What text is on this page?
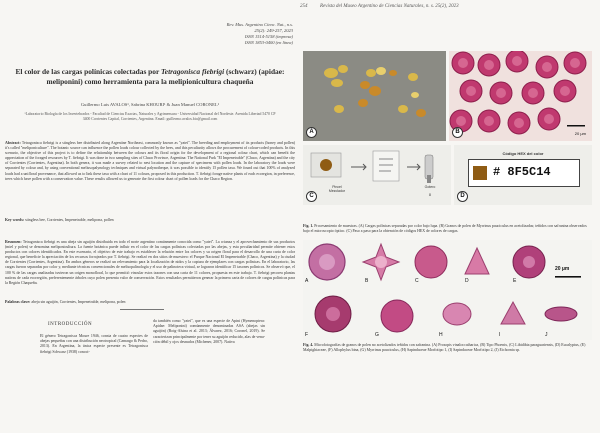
254	Revista del Museo Argentino de Ciencias Naturales, n. s. 25(2), 2023
Rev. Mus. Argentino Cienc. Nat., n.s.
25(2): 249-257, 2023
ISSN 1514-5158 (impresa)
ISSN 1853-0400 (en línea)
El color de las cargas polínicas colectadas por Tetragonisca fiebrigi (schwarz) (apidae: meliponini) como herramienta para la melipionicultura chaqueña
Guillermo Luis AVALOS¹, Sabrina KHOURI¹ & Juan Manuel CORONEL¹
¹Laboratorio Biología de los Invertebrados - Facultad de Ciencias Exactas, Naturales y Agrimensura - Universidad Nacional del Nordeste. Avenida Libertad 5470 CP 3400 Corrientes Capital, Corrientes, Argentina. Email: guillermo.avalos.bio@gmail.com
Abstract: Tetragonisca fiebrigi is a stingless bee distributed along Argentine Northeast, commonly known as "yateí". The breeding and employment of its products (honey and pollen) it's called "meliponiculture". The botanic source can influence the pollen loads colour collected by the bees, and this peculiarity allows the procurement of colour-coded products. In this scenario, the objective of this project is to define the relationship between the colours and its floral origin for the development of a regional colour chart, which can benefit the appreciation of the foraged resources by T. fiebrigi. It was done in two sampling sites of Chaco Province, Argentina: The National Park "El Impenetrable" (Chaco, Argentina) and the city of Corrientes (Corrientes, Argentina). In both genera, it was made a survey related to nest location and the capture of specimens with pollen loads. In the laboratory the loads were separated by colour and, by using conventional melissopalynology techniques and virtual palynotheque, it was possible to identify 15 pollen taxa. We found out that 100% of analyzed loads had a unifloral provenance, that allowed us to link these taxa with a chart of 11 colours, proposed in this production. T. fiebrigi forage native plants of each ecoregion, in preference, trees which have pollen with a conservation value. These results allowed us to generate the first colour chart of pollen loads for the Chaco Region.
Key words: stingless bee, Corrientes, Impenetrable, melipona, pollen
Resumen: Tetragonisca fiebrigi es una abeja sin aguijón distribuida en todo el norte argentino comúnmente conocida como "yateí". La crianza y el aprovechamiento de sus productos (miel y polen) se denomina meliponicultura. La fuente botánica puede influir en el color de las cargas polínicas colectadas por las abejas, y esta peculiaridad permite obtener estos productos con colores identificados. En este escenario, el objetivo de este trabajo es establecer la relación entre los colores y su origen floral para el desarrollo de una carta de color regional, que beneficie la apreciación de los recursos forrajeados por T. fiebrigi. Se realizó en dos sitios de muestreo: el Parque Nacional El Impenetrable (Chaco, Argentina) y la ciudad de Corrientes (Corrientes, Argentina). En ambos géneros se realizó un relevamiento para la localización de nidos y la captura de ejemplares con cargas polínicas. En el laboratorio, las cargas fueron separadas por color y, mediante técnicas convencionales de melisopalinología y el uso de palinoteca virtual, se lograron identificar 15 taxones polínicos. Se observó que, el 100 % de las cargas analizadas tuvieron un origen monofloral, lo que permitió vincular estos taxones con una carta de 11 colores, propuesta en este trabajo. T. fiebrigi pecorea plantas nativas de cada ecorregión, preferentemente árboles cuyo polen presenta valor de conservación. Estos resultados permitieron generar la primera carta de colores de cargas polínicas para la Región Chaqueña.
Palabras clave: abeja sin aguijón, Corrientes, Impenetrable, melipona, polen
INTRODUCCIÓN
El género Tetragonisca Moure 1946, consta de cuatro especies de abejas pequeñas con una distribución neotropical (Camargo & Pedro, 2013). En Argentina, la única especie presente es Tetragonisca fiebrigi Schwarz (1938) conoci-
da también como "yateí", que es una especie de Apini (Hymenoptera: Apidae: Meliponini) comúnmente denominadas ASA (abejas sin aguijón) (Roig-Alsina et al. 2013; Álvarez, 2016; Coronel, 2019). Se caracterizan principalmente por tener su aguijón reducido, alas de venación débil y ojos desnudos (Michener, 2007). Nativa
A	20 µm
B
Pincel
Mezclador
Gotero
8
C
Código HEX del color
# 8F5C14
D
Fig. 1. Procesamiento de muestras. (A) Cargas polínicas separadas por color bajo lupa. (B) Granos de polen de Myrrinus pauciculus en acetolizadas; teñidos con safranina observados bajo el microscopio óptico. (C) Paso a paso para la obtención de códigos HEX de colores de cargas.
20 µm
A	B	C	D	E
F	G	H	I	J
Fig. 4. Microfotografías de granos de polen no acetolizados teñidos con safranina. (A) Prosopis vinaloccatharica, (B) Tipo Phoenix, (C) Libidibia paraguariensis, (D) Eucalyptus, (E) Malpighiaceae, (F) Allophylus bina, (G) Myrrinus pauciculus, (H) Sapindaceae Morfotipo 1, (I) Sapindaceae Morfotipo 2, (J) Eichornia sp.
